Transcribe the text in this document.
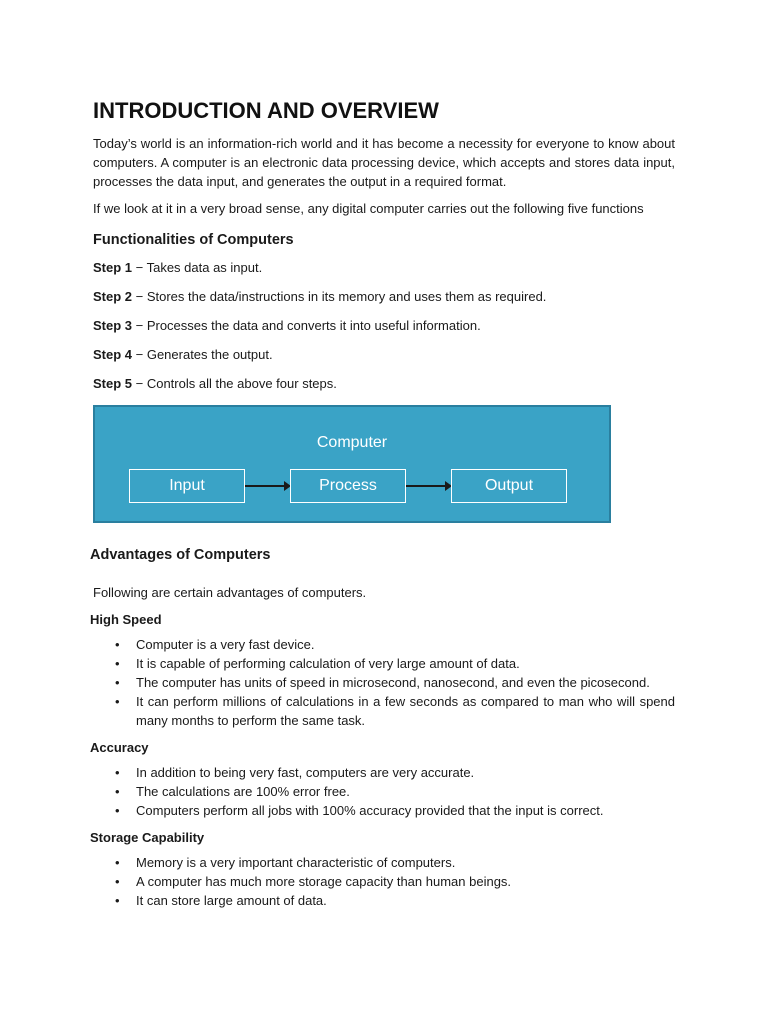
INTRODUCTION AND OVERVIEW

Today’s world is an information-rich world and it has become a necessity for everyone to know about computers. A computer is an electronic data processing device, which accepts and stores data input, processes the data input, and generates the output in a required format.

If we look at it in a very broad sense, any digital computer carries out the following five functions

Functionalities of Computers

Step 1 − Takes data as input.

Step 2 − Stores the data/instructions in its memory and uses them as required.

Step 3 − Processes the data and converts it into useful information.

Step 4 − Generates the output.

Step 5 − Controls all the above four steps.

Computer
Input	Process	Output
Advantages of Computers

Following are certain advantages of computers.

High Speed
• Computer is a very fast device.
• It is capable of performing calculation of very large amount of data.
• The computer has units of speed in microsecond, nanosecond, and even the picosecond.
• It can perform millions of calculations in a few seconds as compared to man who will spend many months to perform the same task.
Accuracy
• In addition to being very fast, computers are very accurate.
• The calculations are 100% error free.
• Computers perform all jobs with 100% accuracy provided that the input is correct.
Storage Capability
• Memory is a very important characteristic of computers.
• A computer has much more storage capacity than human beings.
• It can store large amount of data.
